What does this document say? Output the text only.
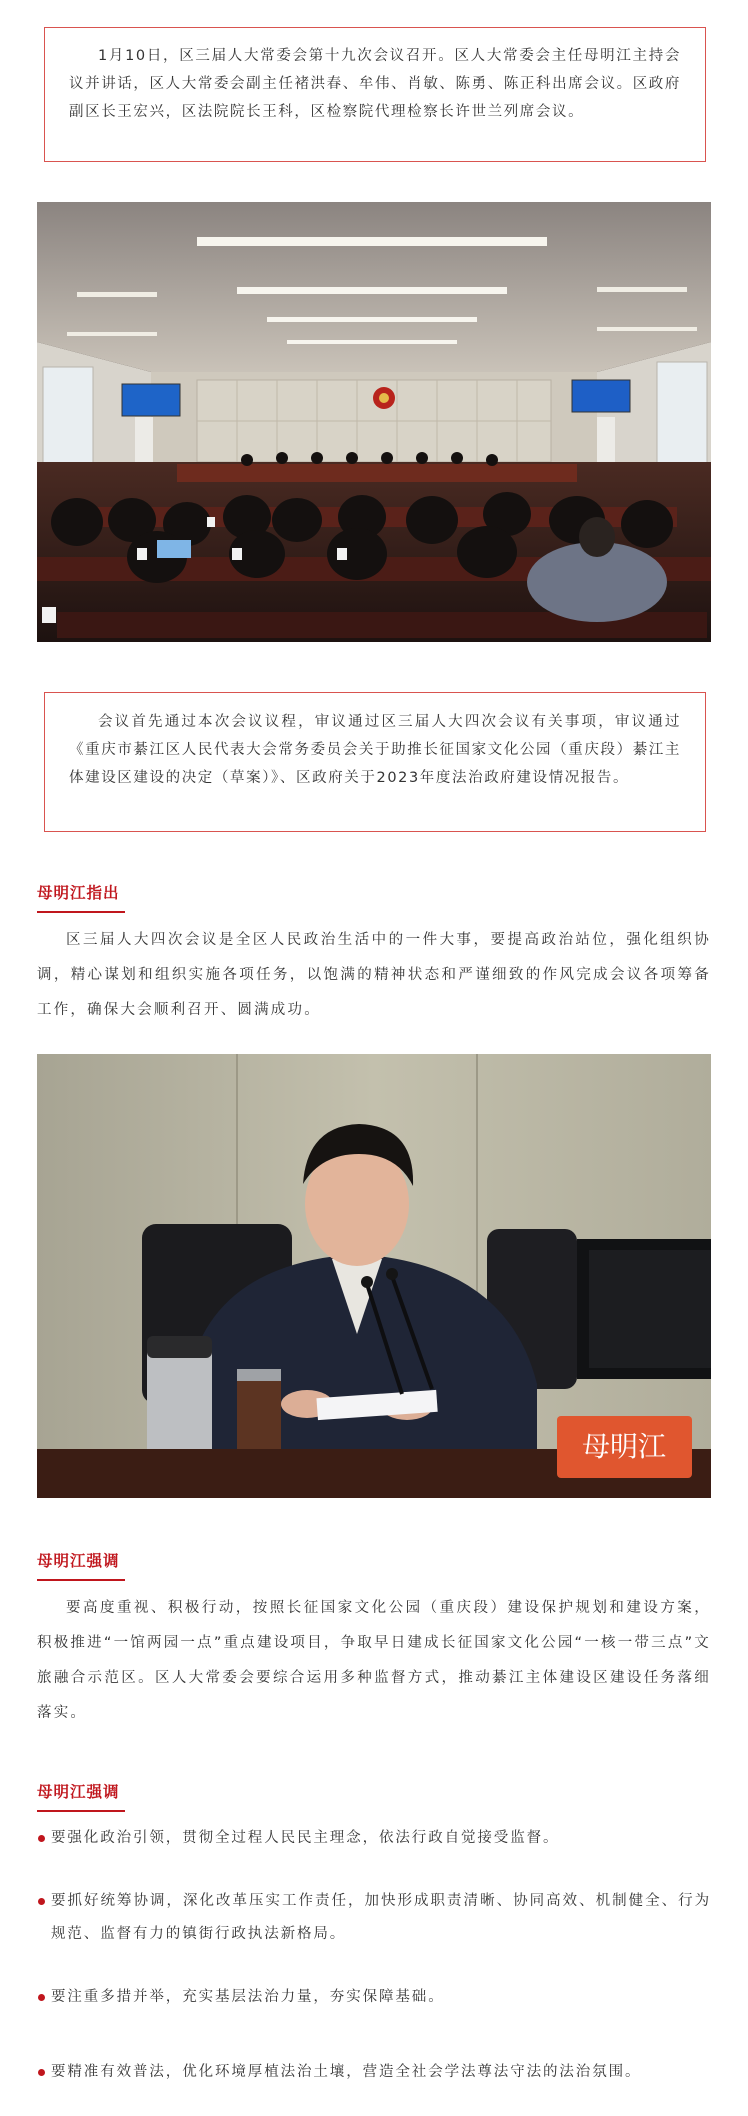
1月10日，区三届人大常委会第十九次会议召开。区人大常委会主任母明江主持会议并讲话，区人大常委会副主任褚洪春、牟伟、肖敏、陈勇、陈正科出席会议。区政府副区长王宏兴，区法院院长王科，区检察院代理检察长许世兰列席会议。

会议首先通过本次会议议程，审议通过区三届人大四次会议有关事项，审议通过《重庆市綦江区人民代表大会常务委员会关于助推长征国家文化公园（重庆段）綦江主体建设区建设的决定（草案）》、区政府关于2023年度法治政府建设情况报告。

母明江指出

区三届人大四次会议是全区人民政治生活中的一件大事，要提高政治站位，强化组织协调，精心谋划和组织实施各项任务，以饱满的精神状态和严谨细致的作风完成会议各项筹备工作，确保大会顺利召开、圆满成功。

母明江
母明江强调

要高度重视、积极行动，按照长征国家文化公园（重庆段）建设保护规划和建设方案，积极推进“一馆两园一点”重点建设项目，争取早日建成长征国家文化公园“一核一带三点”文旅融合示范区。区人大常委会要综合运用多种监督方式，推动綦江主体建设区建设任务落细落实。

母明江强调
要强化政治引领，贯彻全过程人民民主理念，依法行政自觉接受监督。
要抓好统筹协调，深化改革压实工作责任，加快形成职责清晰、协同高效、机制健全、行为规范、监督有力的镇街行政执法新格局。
要注重多措并举，充实基层法治力量，夯实保障基础。
要精准有效普法，优化环境厚植法治土壤，营造全社会学法尊法守法的法治氛围。
